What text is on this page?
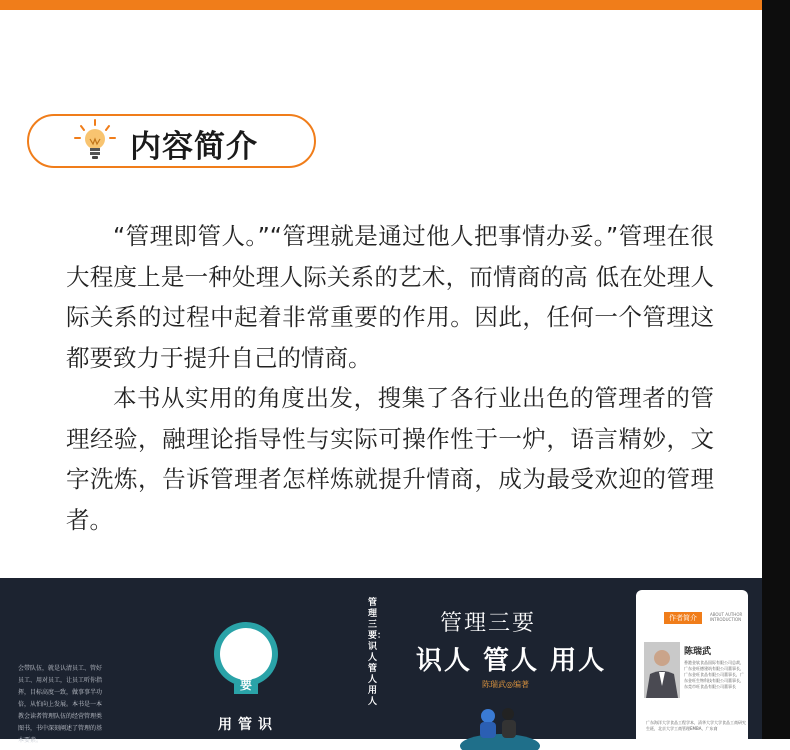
内容简介

“管理即管人。”“管理就是通过他人把事情办妥。”管理在很大程度上是一种处理人际关系的艺术，而情商的高 低在处理人际关系的过程中起着非常重要的作用。因此，任何一个管理这都要致力于提升自己的情商。

本书从实用的角度出发，搜集了各行业出色的管理者的管理经验，融理论指导性与实际可操作性于一炉，语言精妙，文字洗炼，告诉管理者怎样炼就提升情商，成为最受欢迎的管理者。

会带队伍，就是认清员工、管好员工、用对员工，让员工听你指挥，目标高度一致，做事事半功倍，从怕向上发展。本书是一本教会读者管理队伍的经营管理类图书，书中深刻阐述了管理的基本要素。
管理三要
用管识
管理三要：识人 管人 用人
管理三要
识人 管人 用人
陈瑞武◎编著
作者简介	ABOUT AUTHOR INTRODUCTION
陈瑞武
香港金软食品国际有限公司总裁，广东金旺德建筑有限公司董事长，广东金旺食品有限公司董事长，广东金旺生物科技有限公司董事长，东莞市旺食品有限公司董事长
广东海洋大学食品工程学本，清华大学大学食品工商研究生班，北京大学工商管理EMBA，广东商
